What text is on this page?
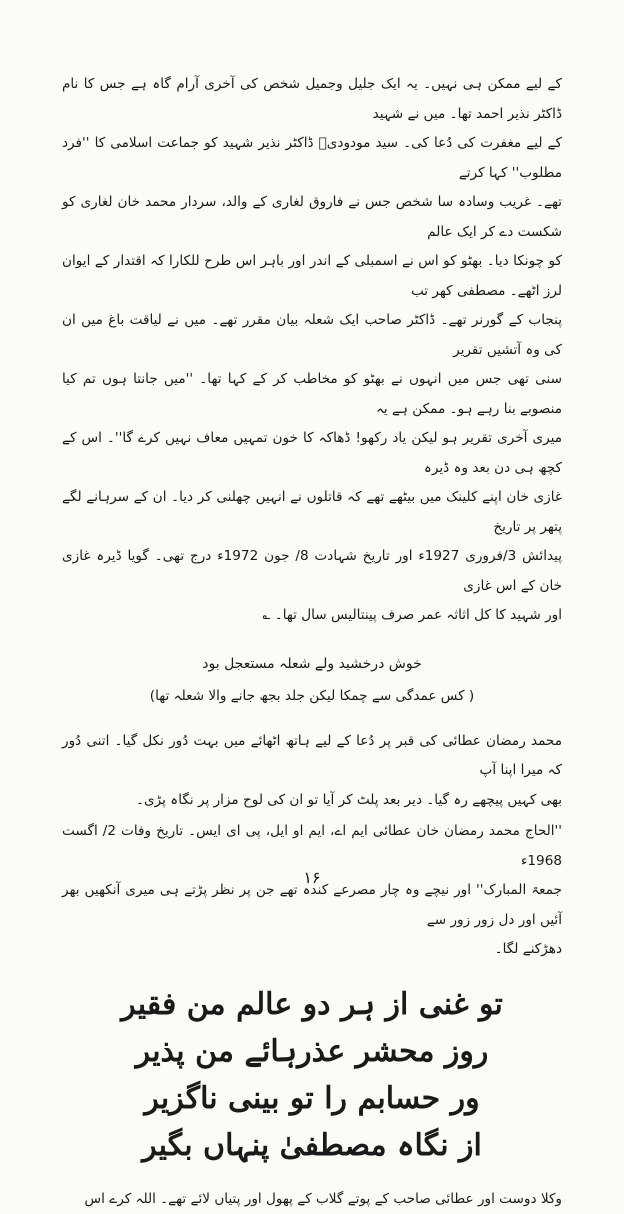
کے لیے ممکن ہی نہیں۔ یہ ایک جلیل وجمیل شخص کی آخری آرام گاہ ہے جس کا نام ڈاکٹر نذیر احمد تھا۔ میں نے شہید

کے لیے مغفرت کی دُعا کی۔ سید مودودیؒ ڈاکٹر نذیر شہید کو جماعت اسلامی کا ''فرد مطلوب'' کہا کرتے

تھے۔ غریب وسادہ سا شخص جس نے فاروق لغاری کے والد، سردار محمد خان لغاری کو شکست دے کر ایک عالم

کو چونکا دیا۔ بھٹو کو اس نے اسمبلی کے اندر اور باہر اس طرح للکارا کہ اقتدار کے ایوان لرز اٹھے۔ مصطفی کھر تب

پنجاب کے گورنر تھے۔ ڈاکٹر صاحب ایک شعلہ بیان مقرر تھے۔ میں نے لیاقت باغ میں ان کی وہ آتشیں تقریر

سنی تھی جس میں انہوں نے بھٹو کو مخاطب کر کے کہا تھا۔ ''میں جانتا ہوں تم کیا منصوبے بنا رہے ہو۔ ممکن ہے یہ

میری آخری تقریر ہو لیکن یاد رکھو! ڈھاکہ کا خون تمہیں معاف نہیں کرے گا''۔ اس کے کچھ ہی دن بعد وہ ڈیرہ

غازی خان اپنے کلینک میں بیٹھے تھے کہ قاتلوں نے انہیں چھلنی کر دیا۔ ان کے سرہانے لگے پتھر پر تاریخ

پیدائش 3/فروری 1927ء اور تاریخ شہادت 8/ جون 1972ء درج تھی۔ گویا ڈیرہ غازی خان کے اس غازی

اور شہید کا کل اثاثہ عمر صرف پینتالیس سال تھا۔ ؎

خوش درخشید ولے شعلہ مستعجل بود
( کس عمدگی سے چمکا لیکن جلد بجھ جانے والا شعلہ تھا)

محمد رمضان عطائی کی قبر پر دُعا کے لیے ہاتھ اٹھائے میں بہت دُور نکل گیا۔ اتنی دُور کہ میرا اپنا آپ

بھی کہیں پیچھے رہ گیا۔ دیر بعد پلٹ کر آیا تو ان کی لوح مزار پر نگاہ پڑی۔

''الحاج محمد رمضان خان عطائی ایم اے، ایم او ایل، پی ای ایس۔ تاریخ وفات 2/ اگست 1968ء

جمعۃ المبارک'' اور نیچے وہ چار مصرعے کندہ تھے جن پر نظر پڑتے ہی میری آنکھیں بھر آئیں اور دل زور زور سے

دھڑکنے لگا۔

تو غنی از ہر دو عالم من فقیر
روز محشر عذرہائے من پذیر
ور حسابم را تو بینی ناگزیر
از نگاہ مصطفیٰ پنہاں بگیر

وکلا دوست اور عطائی صاحب کے پوتے گلاب کے پھول اور پتیاں لائے تھے۔ اللہ کرے اس

۱۶
